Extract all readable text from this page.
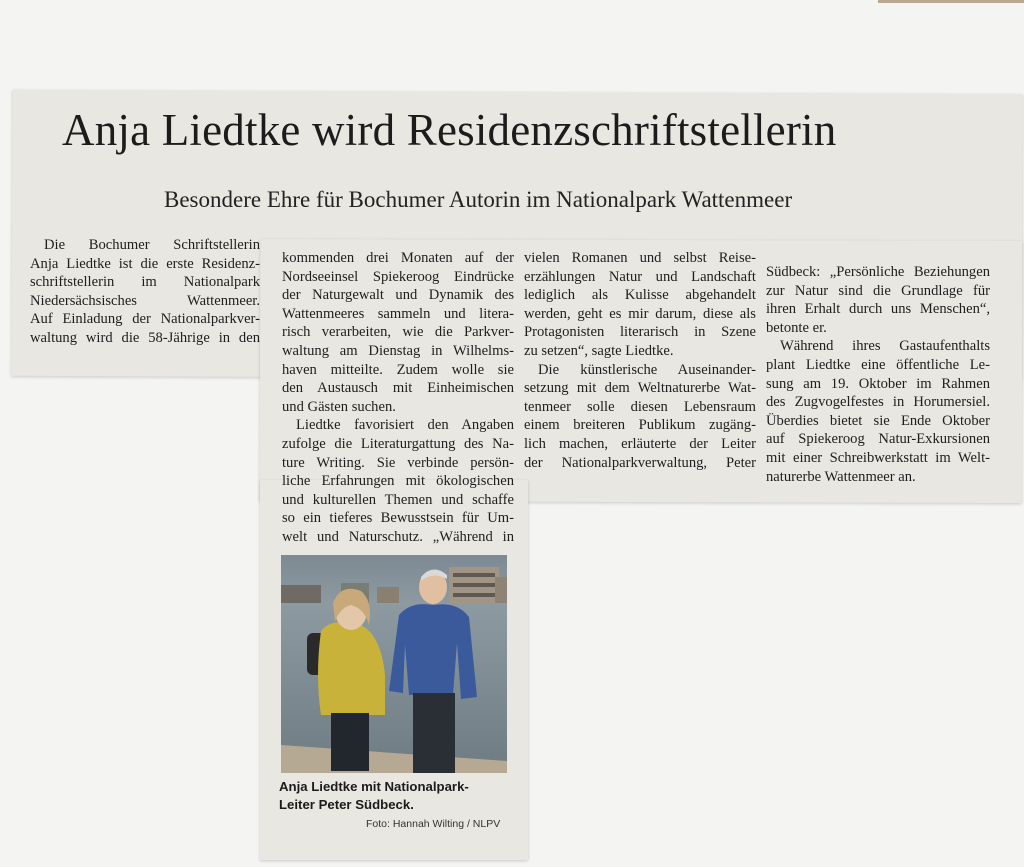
Anja Liedtke wird Residenzschriftstellerin
Besondere Ehre für Bochumer Autorin im Nationalpark Wattenmeer
Die Bochumer Schriftstellerin
Anja Liedtke ist die erste Residenz-
schriftstellerin im Nationalpark
Niedersächsisches Wattenmeer.
Auf Einladung der Nationalparkver-
waltung wird die 58-Jährige in den
kommenden drei Monaten auf der
Nordseeinsel Spiekeroog Eindrücke
der Naturgewalt und Dynamik des
Wattenmeeres sammeln und litera-
risch verarbeiten, wie die Parkver-
waltung am Dienstag in Wilhelms-
haven mitteilte. Zudem wolle sie
den Austausch mit Einheimischen
und Gästen suchen.
Liedtke favorisiert den Angaben
zufolge die Literaturgattung des Na-
ture Writing. Sie verbinde persön-
liche Erfahrungen mit ökologischen
und kulturellen Themen und schaffe
so ein tieferes Bewusstsein für Um-
welt und Naturschutz. „Während in
vielen Romanen und selbst Reise-
erzählungen Natur und Landschaft
lediglich als Kulisse abgehandelt
werden, geht es mir darum, diese als
Protagonisten literarisch in Szene
zu setzen“, sagte Liedtke.
Die künstlerische Auseinander-
setzung mit dem Weltnaturerbe Wat-
tenmeer solle diesen Lebensraum
einem breiteren Publikum zugäng-
lich machen, erläuterte der Leiter
der Nationalparkverwaltung, Peter
Südbeck: „Persönliche Beziehungen
zur Natur sind die Grundlage für
ihren Erhalt durch uns Menschen“,
betonte er.
Während ihres Gastaufenthalts
plant Liedtke eine öffentliche Le-
sung am 19. Oktober im Rahmen
des Zugvogelfestes in Horumersiel.
Überdies bietet sie Ende Oktober
auf Spiekeroog Natur-Exkursionen
mit einer Schreibwerkstatt im Welt-
naturerbe Wattenmeer an.
Anja Liedtke mit Nationalpark-
Leiter Peter Südbeck.
Foto: Hannah Wilting / NLPV
